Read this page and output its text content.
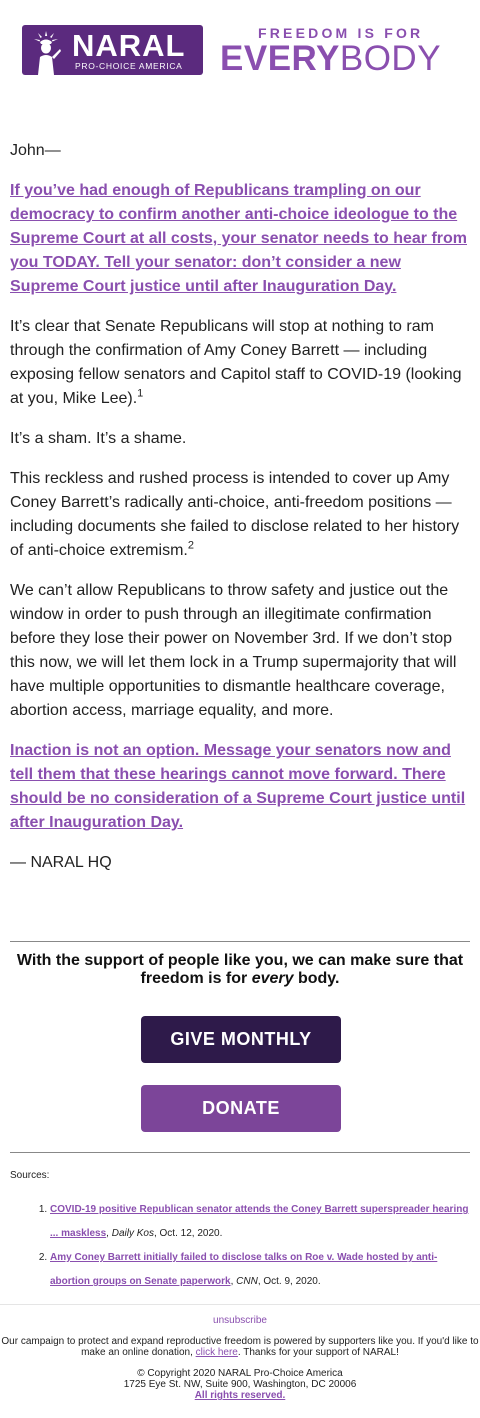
NARAL
PRO-CHOICE AMERICA
FREEDOM IS FOR
EVERYBODY

John—

If you’ve had enough of Republicans trampling on our democracy to confirm another anti-choice ideologue to the Supreme Court at all costs, your senator needs to hear from you TODAY. Tell your senator: don’t consider a new Supreme Court justice until after Inauguration Day.

It’s clear that Senate Republicans will stop at nothing to ram through the confirmation of Amy Coney Barrett — including exposing fellow senators and Capitol staff to COVID-19 (looking at you, Mike Lee).$^1$

It’s a sham. It’s a shame.

This reckless and rushed process is intended to cover up Amy Coney Barrett’s radically anti-choice, anti-freedom positions — including documents she failed to disclose related to her history of anti-choice extremism.$^2$

We can’t allow Republicans to throw safety and justice out the window in order to push through an illegitimate confirmation before they lose their power on November 3rd. If we don’t stop this now, we will let them lock in a Trump supermajority that will have multiple opportunities to dismantle healthcare coverage, abortion access, marriage equality, and more.

Inaction is not an option. Message your senators now and tell them that these hearings cannot move forward. There should be no consideration of a Supreme Court justice until after Inauguration Day.

— NARAL HQ

With the support of people like you, we can make sure that freedom is for every body.
GIVE MONTHLY
DONATE
Sources:
1. COVID-19 positive Republican senator attends the Coney Barrett superspreader hearing ... maskless, Daily Kos, Oct. 12, 2020.
2. Amy Coney Barrett initially failed to disclose talks on Roe v. Wade hosted by anti-abortion groups on Senate paperwork, CNN, Oct. 9, 2020.
unsubscribe
Our campaign to protect and expand reproductive freedom is powered by supporters like you. If you'd like to make an online donation, click here. Thanks for your support of NARAL!
© Copyright 2020 NARAL Pro-Choice America
1725 Eye St. NW, Suite 900, Washington, DC 20006
All rights reserved.
